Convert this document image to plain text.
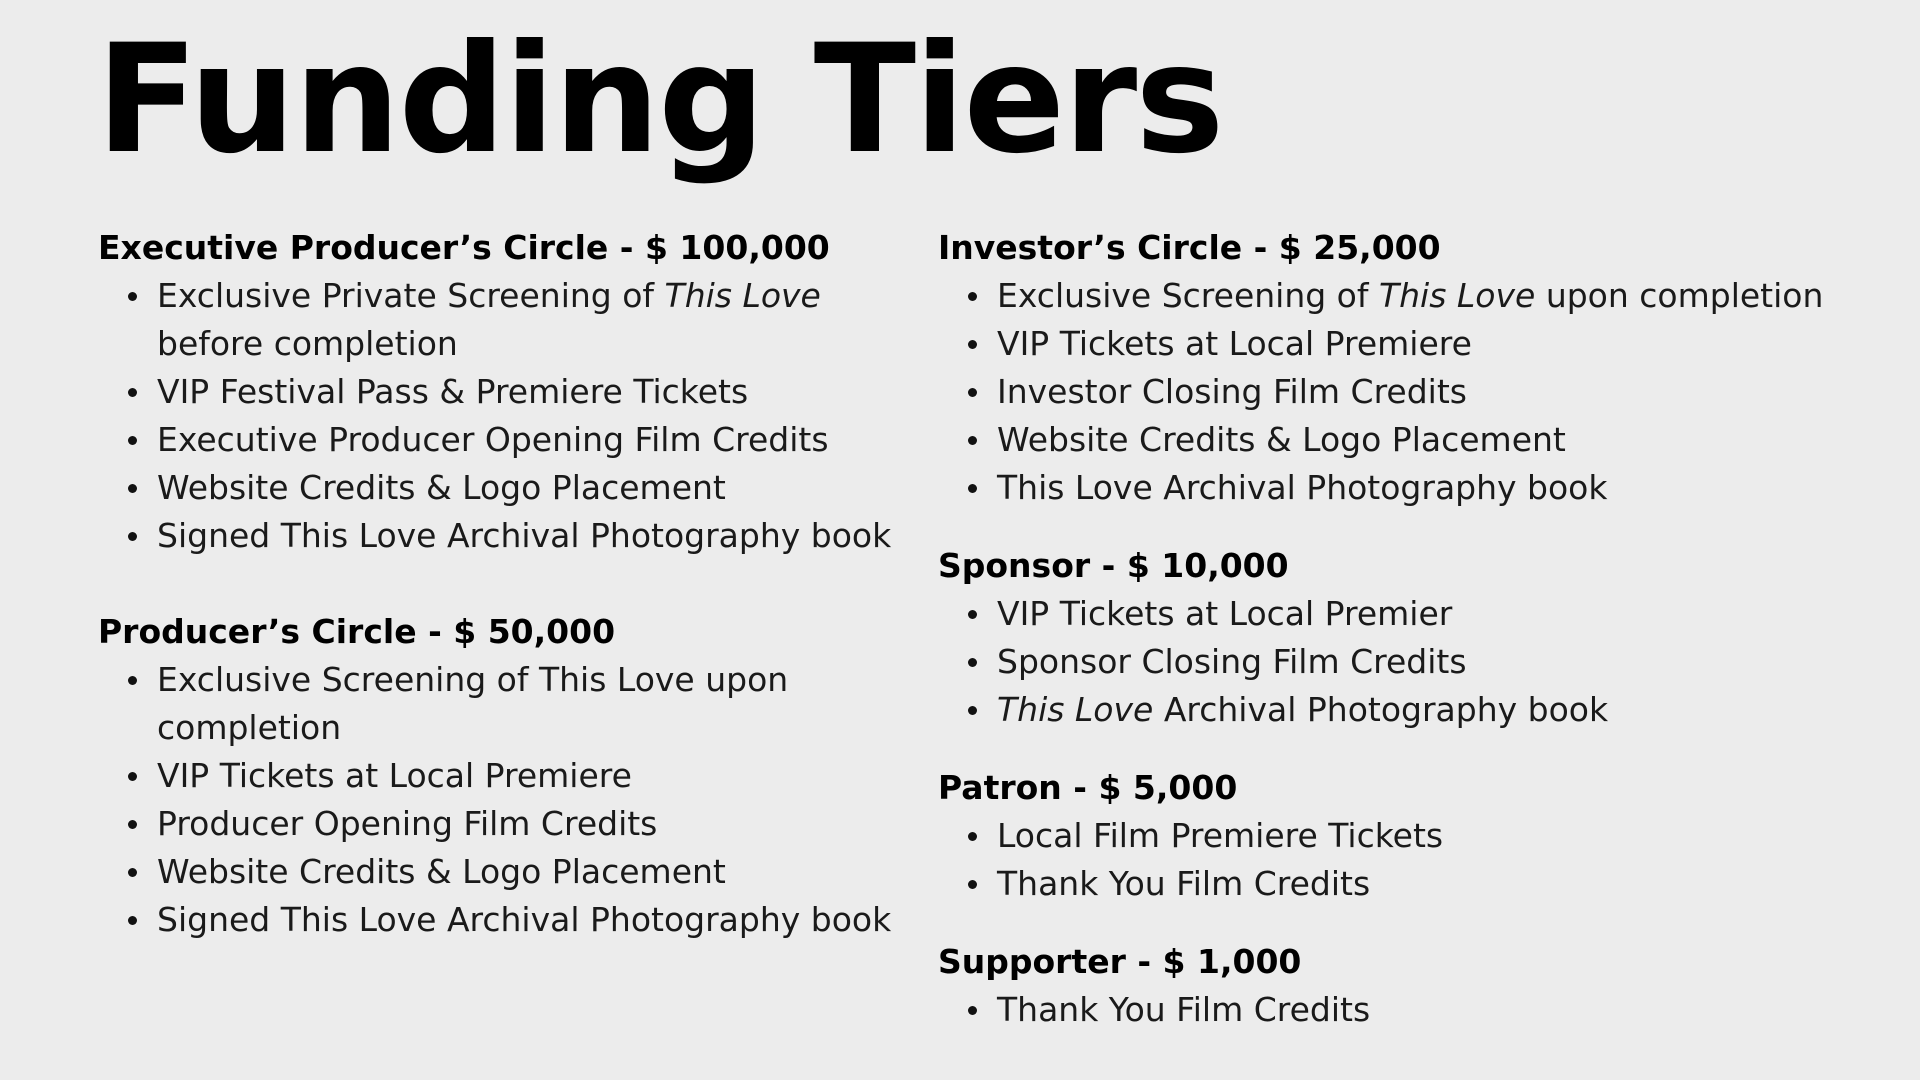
Funding Tiers
Executive Producer’s Circle - $ 100,000
Exclusive Private Screening of This Love before completion
VIP Festival Pass & Premiere Tickets
Executive Producer Opening Film Credits
Website Credits & Logo Placement
Signed This Love Archival Photography book
Producer’s Circle - $ 50,000
Exclusive Screening of This Love upon completion
VIP Tickets at Local Premiere
Producer Opening Film Credits
Website Credits & Logo Placement
Signed This Love Archival Photography book
Investor’s Circle - $ 25,000
Exclusive Screening of This Love upon completion
VIP Tickets at Local Premiere
Investor Closing Film Credits
Website Credits & Logo Placement
This Love Archival Photography book
Sponsor - $ 10,000
VIP Tickets at Local Premier
Sponsor Closing Film Credits
This Love Archival Photography book
Patron - $ 5,000
Local Film Premiere Tickets
Thank You Film Credits
Supporter - $ 1,000
Thank You Film Credits
